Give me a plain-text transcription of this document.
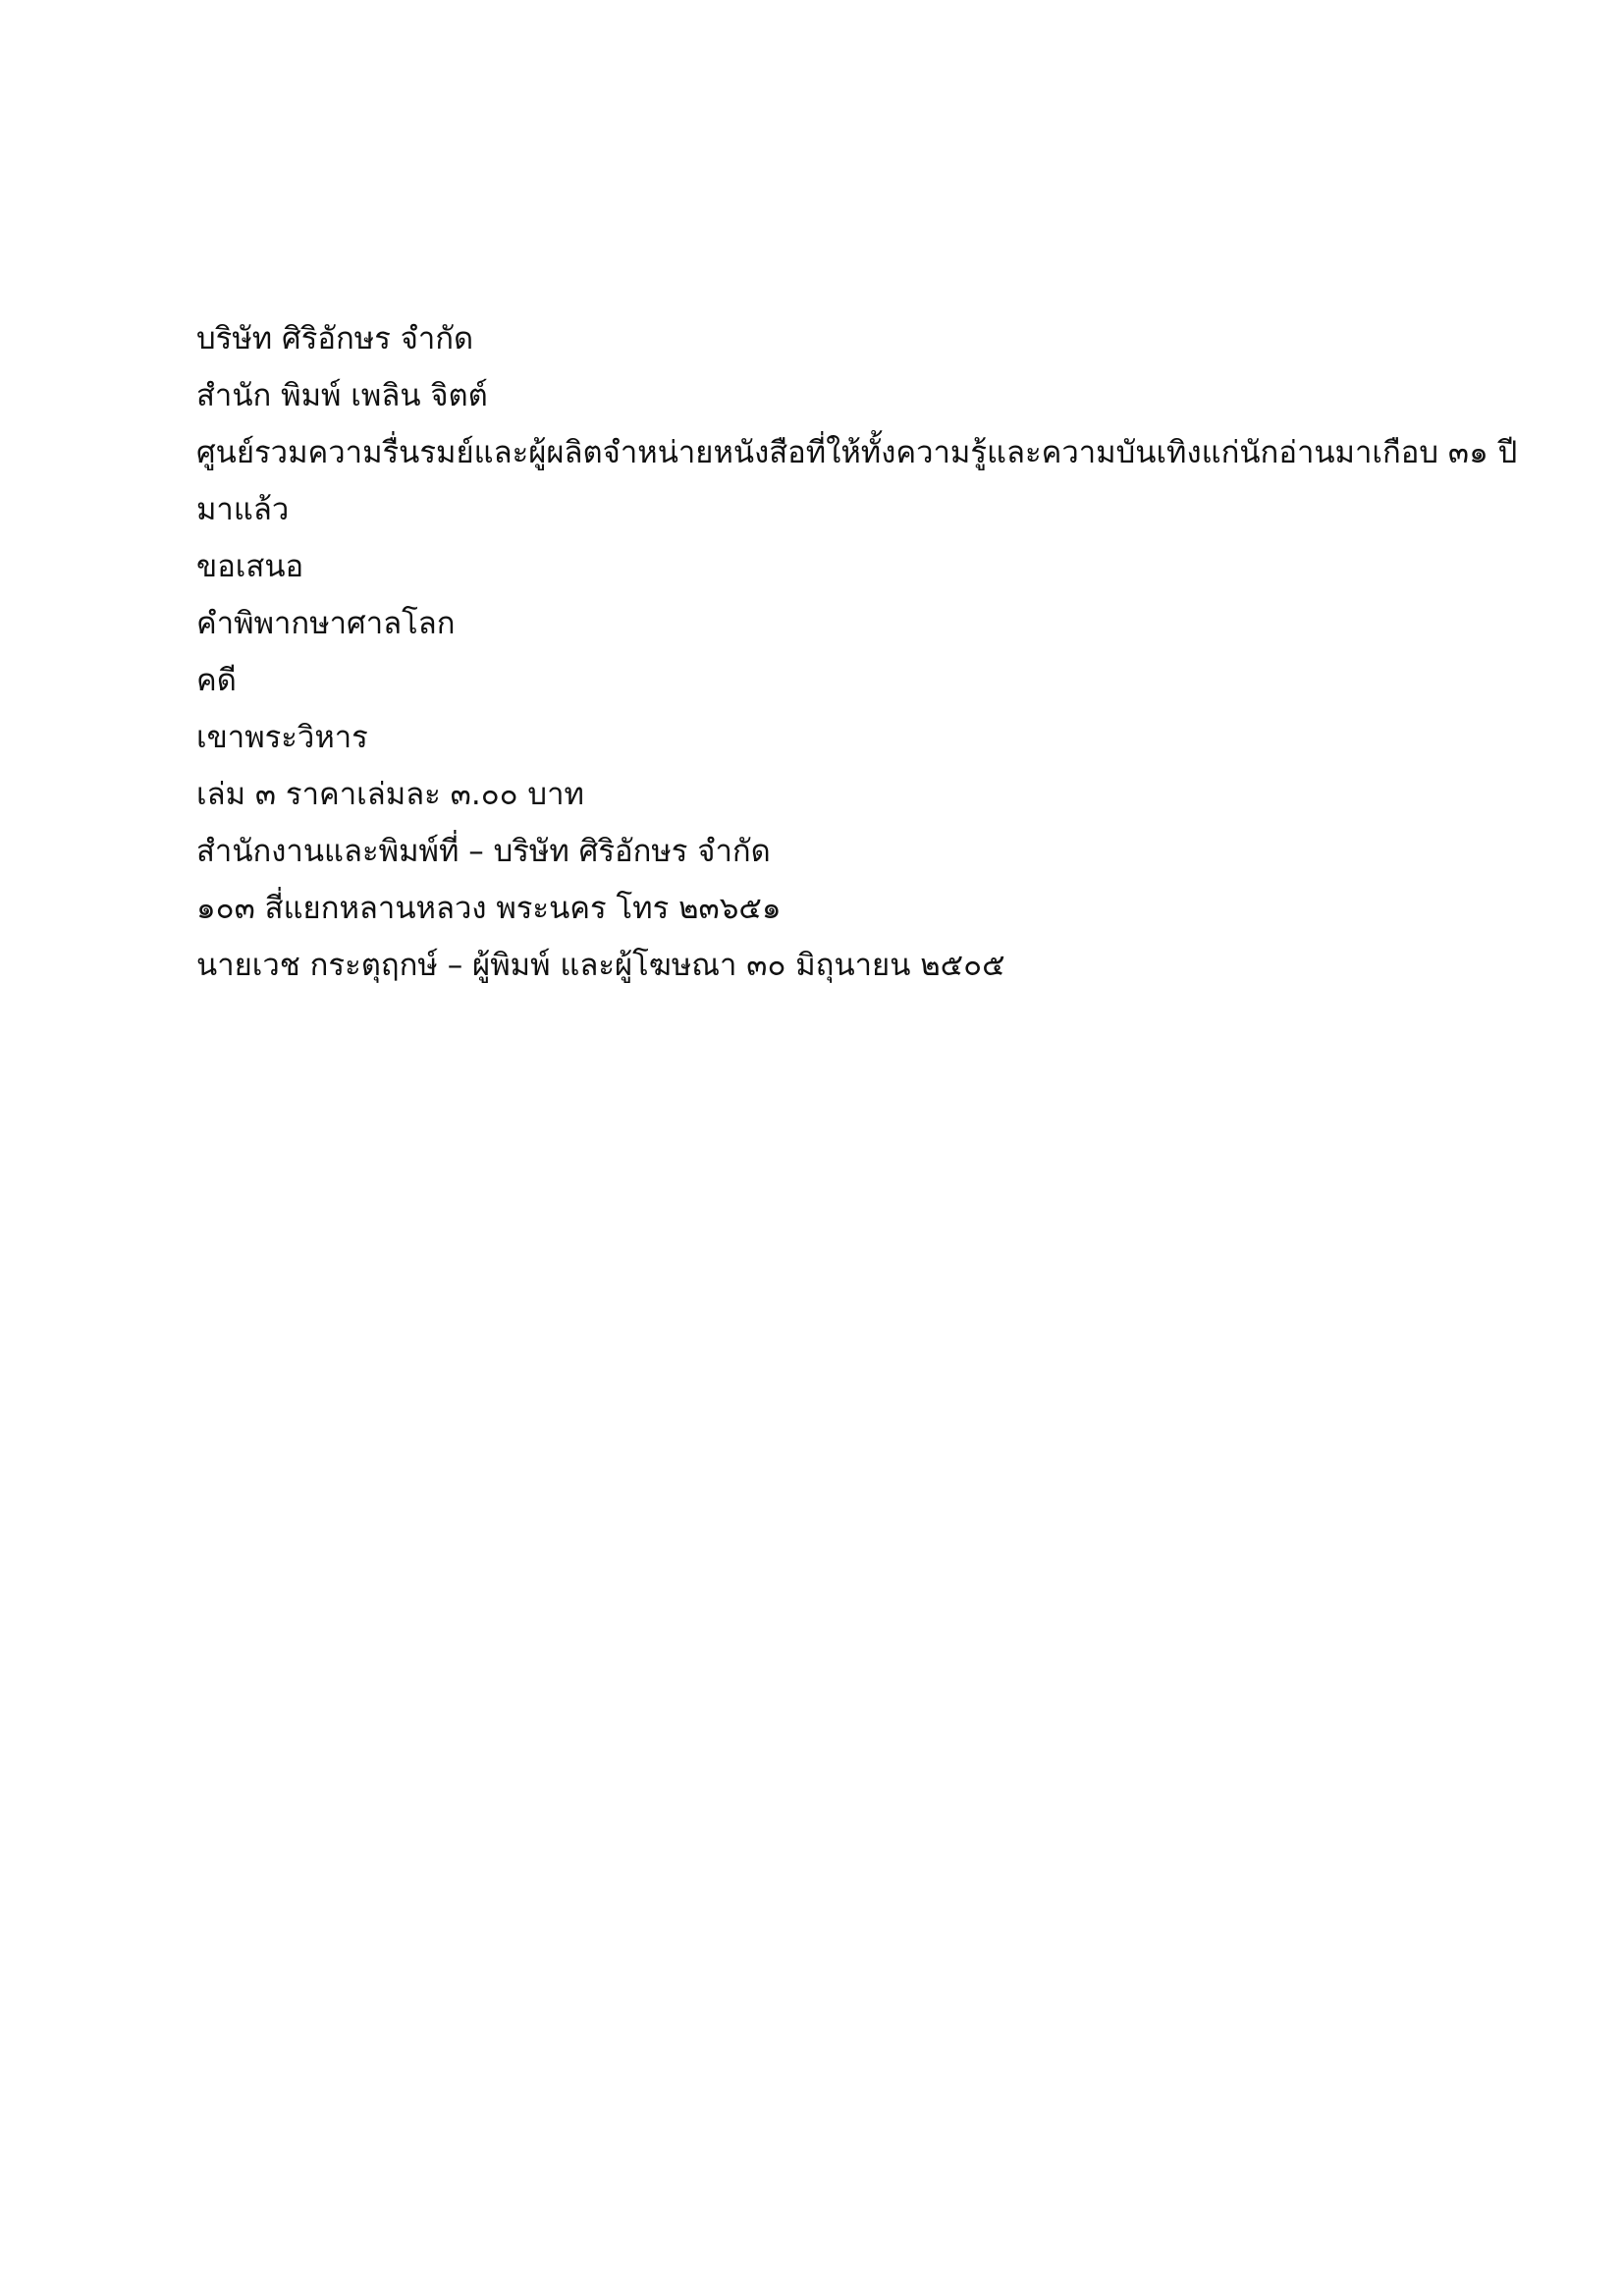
บริษัท ศิริอักษร จำกัด
สำนัก พิมพ์ เพลิน จิตต์
ศูนย์รวมความรื่นรมย์และผู้ผลิตจำหน่ายหนังสือที่ให้ทั้งความรู้และความบันเทิงแก่นักอ่านมาเกือบ ๓๑ ปี
มาแล้ว
ขอเสนอ
คำพิพากษาศาลโลก
คดี
เขาพระวิหาร
เล่ม ๓ ราคาเล่มละ ๓.๐๐ บาท
สำนักงานและพิมพ์ที่ – บริษัท ศิริอักษร จำกัด
๑๐๓ สี่แยกหลานหลวง พระนคร โทร ๒๓๖๕๑
นายเวช กระตุฤกษ์ – ผู้พิมพ์ และผู้โฆษณา ๓๐ มิถุนายน ๒๕๐๕
